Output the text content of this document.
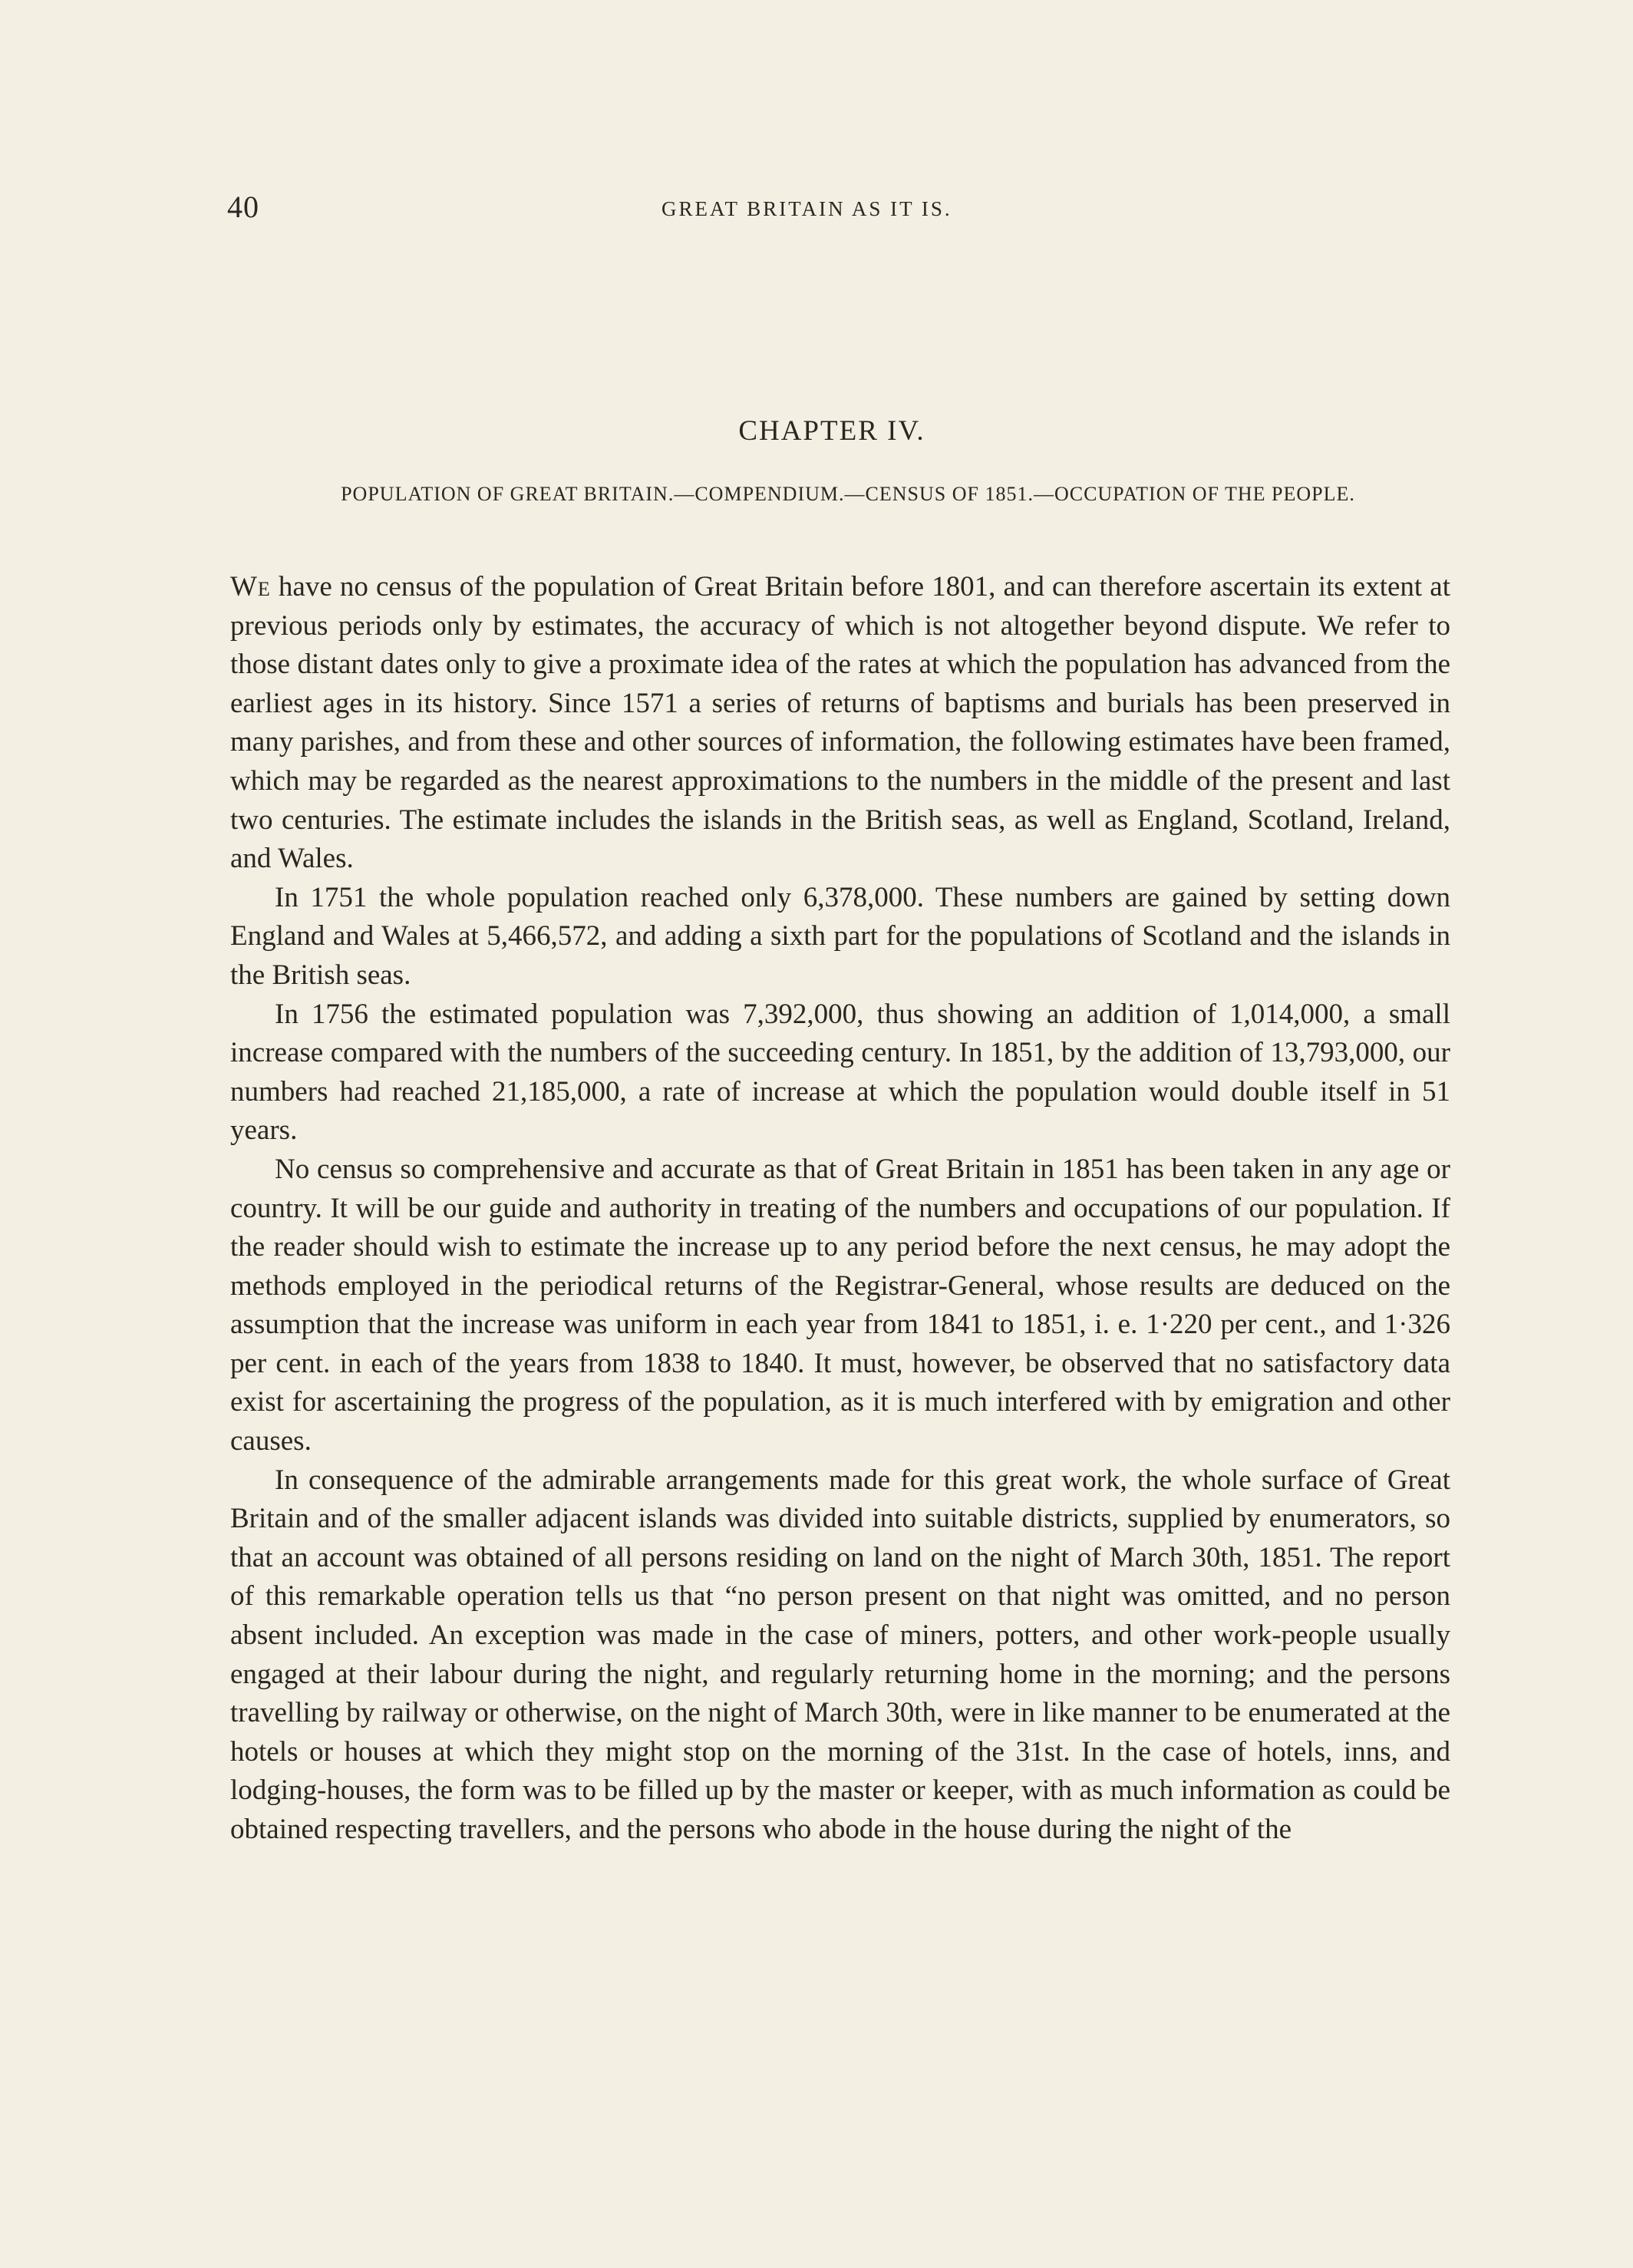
40	GREAT BRITAIN AS IT IS.
CHAPTER IV.
POPULATION OF GREAT BRITAIN.—COMPENDIUM.—CENSUS OF 1851.—OCCUPATION OF THE PEOPLE.

We have no census of the population of Great Britain before 1801, and can therefore ascertain its extent at previous periods only by estimates, the accuracy of which is not altogether beyond dispute. We refer to those distant dates only to give a proximate idea of the rates at which the population has advanced from the earliest ages in its history. Since 1571 a series of returns of baptisms and burials has been preserved in many parishes, and from these and other sources of information, the following estimates have been framed, which may be regarded as the nearest approximations to the numbers in the middle of the present and last two centuries. The estimate includes the islands in the British seas, as well as England, Scotland, Ireland, and Wales.

In 1751 the whole population reached only 6,378,000. These numbers are gained by setting down England and Wales at 5,466,572, and adding a sixth part for the populations of Scotland and the islands in the British seas.

In 1756 the estimated population was 7,392,000, thus showing an addition of 1,014,000, a small increase compared with the numbers of the succeeding century. In 1851, by the addition of 13,793,000, our numbers had reached 21,185,000, a rate of increase at which the population would double itself in 51 years.

No census so comprehensive and accurate as that of Great Britain in 1851 has been taken in any age or country. It will be our guide and authority in treating of the numbers and occupations of our population. If the reader should wish to estimate the increase up to any period before the next census, he may adopt the methods employed in the periodical returns of the Registrar-General, whose results are deduced on the assumption that the increase was uniform in each year from 1841 to 1851, i. e. 1·220 per cent., and 1·326 per cent. in each of the years from 1838 to 1840. It must, however, be observed that no satisfactory data exist for ascertaining the progress of the population, as it is much interfered with by emigration and other causes.

In consequence of the admirable arrangements made for this great work, the whole surface of Great Britain and of the smaller adjacent islands was divided into suitable districts, supplied by enumerators, so that an account was obtained of all persons residing on land on the night of March 30th, 1851. The report of this remarkable operation tells us that “no person present on that night was omitted, and no person absent included. An exception was made in the case of miners, potters, and other work-people usually engaged at their labour during the night, and regularly returning home in the morning; and the persons travelling by railway or otherwise, on the night of March 30th, were in like manner to be enumerated at the hotels or houses at which they might stop on the morning of the 31st. In the case of hotels, inns, and lodging-houses, the form was to be filled up by the master or keeper, with as much information as could be obtained respecting travellers, and the persons who abode in the house during the night of the
